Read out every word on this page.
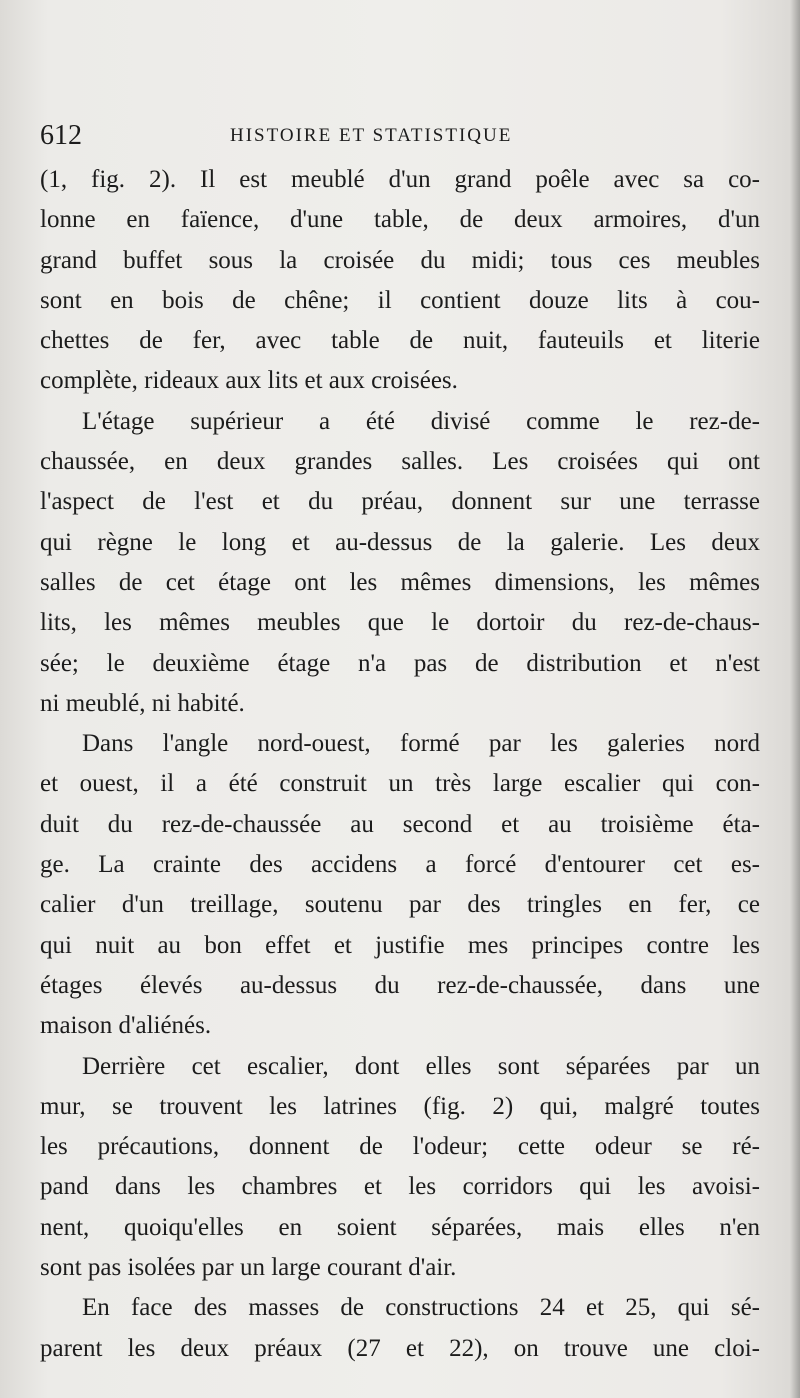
612	HISTOIRE ET STATISTIQUE
(1, fig. 2). Il est meublé d'un grand poêle avec sa co-
lonne en faïence, d'une table, de deux armoires, d'un
grand buffet sous la croisée du midi; tous ces meubles
sont en bois de chêne; il contient douze lits à cou-
chettes de fer, avec table de nuit, fauteuils et literie
complète, rideaux aux lits et aux croisées.
L'étage supérieur a été divisé comme le rez-de-
chaussée, en deux grandes salles. Les croisées qui ont
l'aspect de l'est et du préau, donnent sur une terrasse
qui règne le long et au-dessus de la galerie. Les deux
salles de cet étage ont les mêmes dimensions, les mêmes
lits, les mêmes meubles que le dortoir du rez-de-chaus-
sée; le deuxième étage n'a pas de distribution et n'est
ni meublé, ni habité.
Dans l'angle nord-ouest, formé par les galeries nord
et ouest, il a été construit un très large escalier qui con-
duit du rez-de-chaussée au second et au troisième éta-
ge. La crainte des accidens a forcé d'entourer cet es-
calier d'un treillage, soutenu par des tringles en fer, ce
qui nuit au bon effet et justifie mes principes contre les
étages élevés au-dessus du rez-de-chaussée, dans une
maison d'aliénés.
Derrière cet escalier, dont elles sont séparées par un
mur, se trouvent les latrines (fig. 2) qui, malgré toutes
les précautions, donnent de l'odeur; cette odeur se ré-
pand dans les chambres et les corridors qui les avoisi-
nent, quoiqu'elles en soient séparées, mais elles n'en
sont pas isolées par un large courant d'air.
En face des masses de constructions 24 et 25, qui sé-
parent les deux préaux (27 et 22), on trouve une cloi-
